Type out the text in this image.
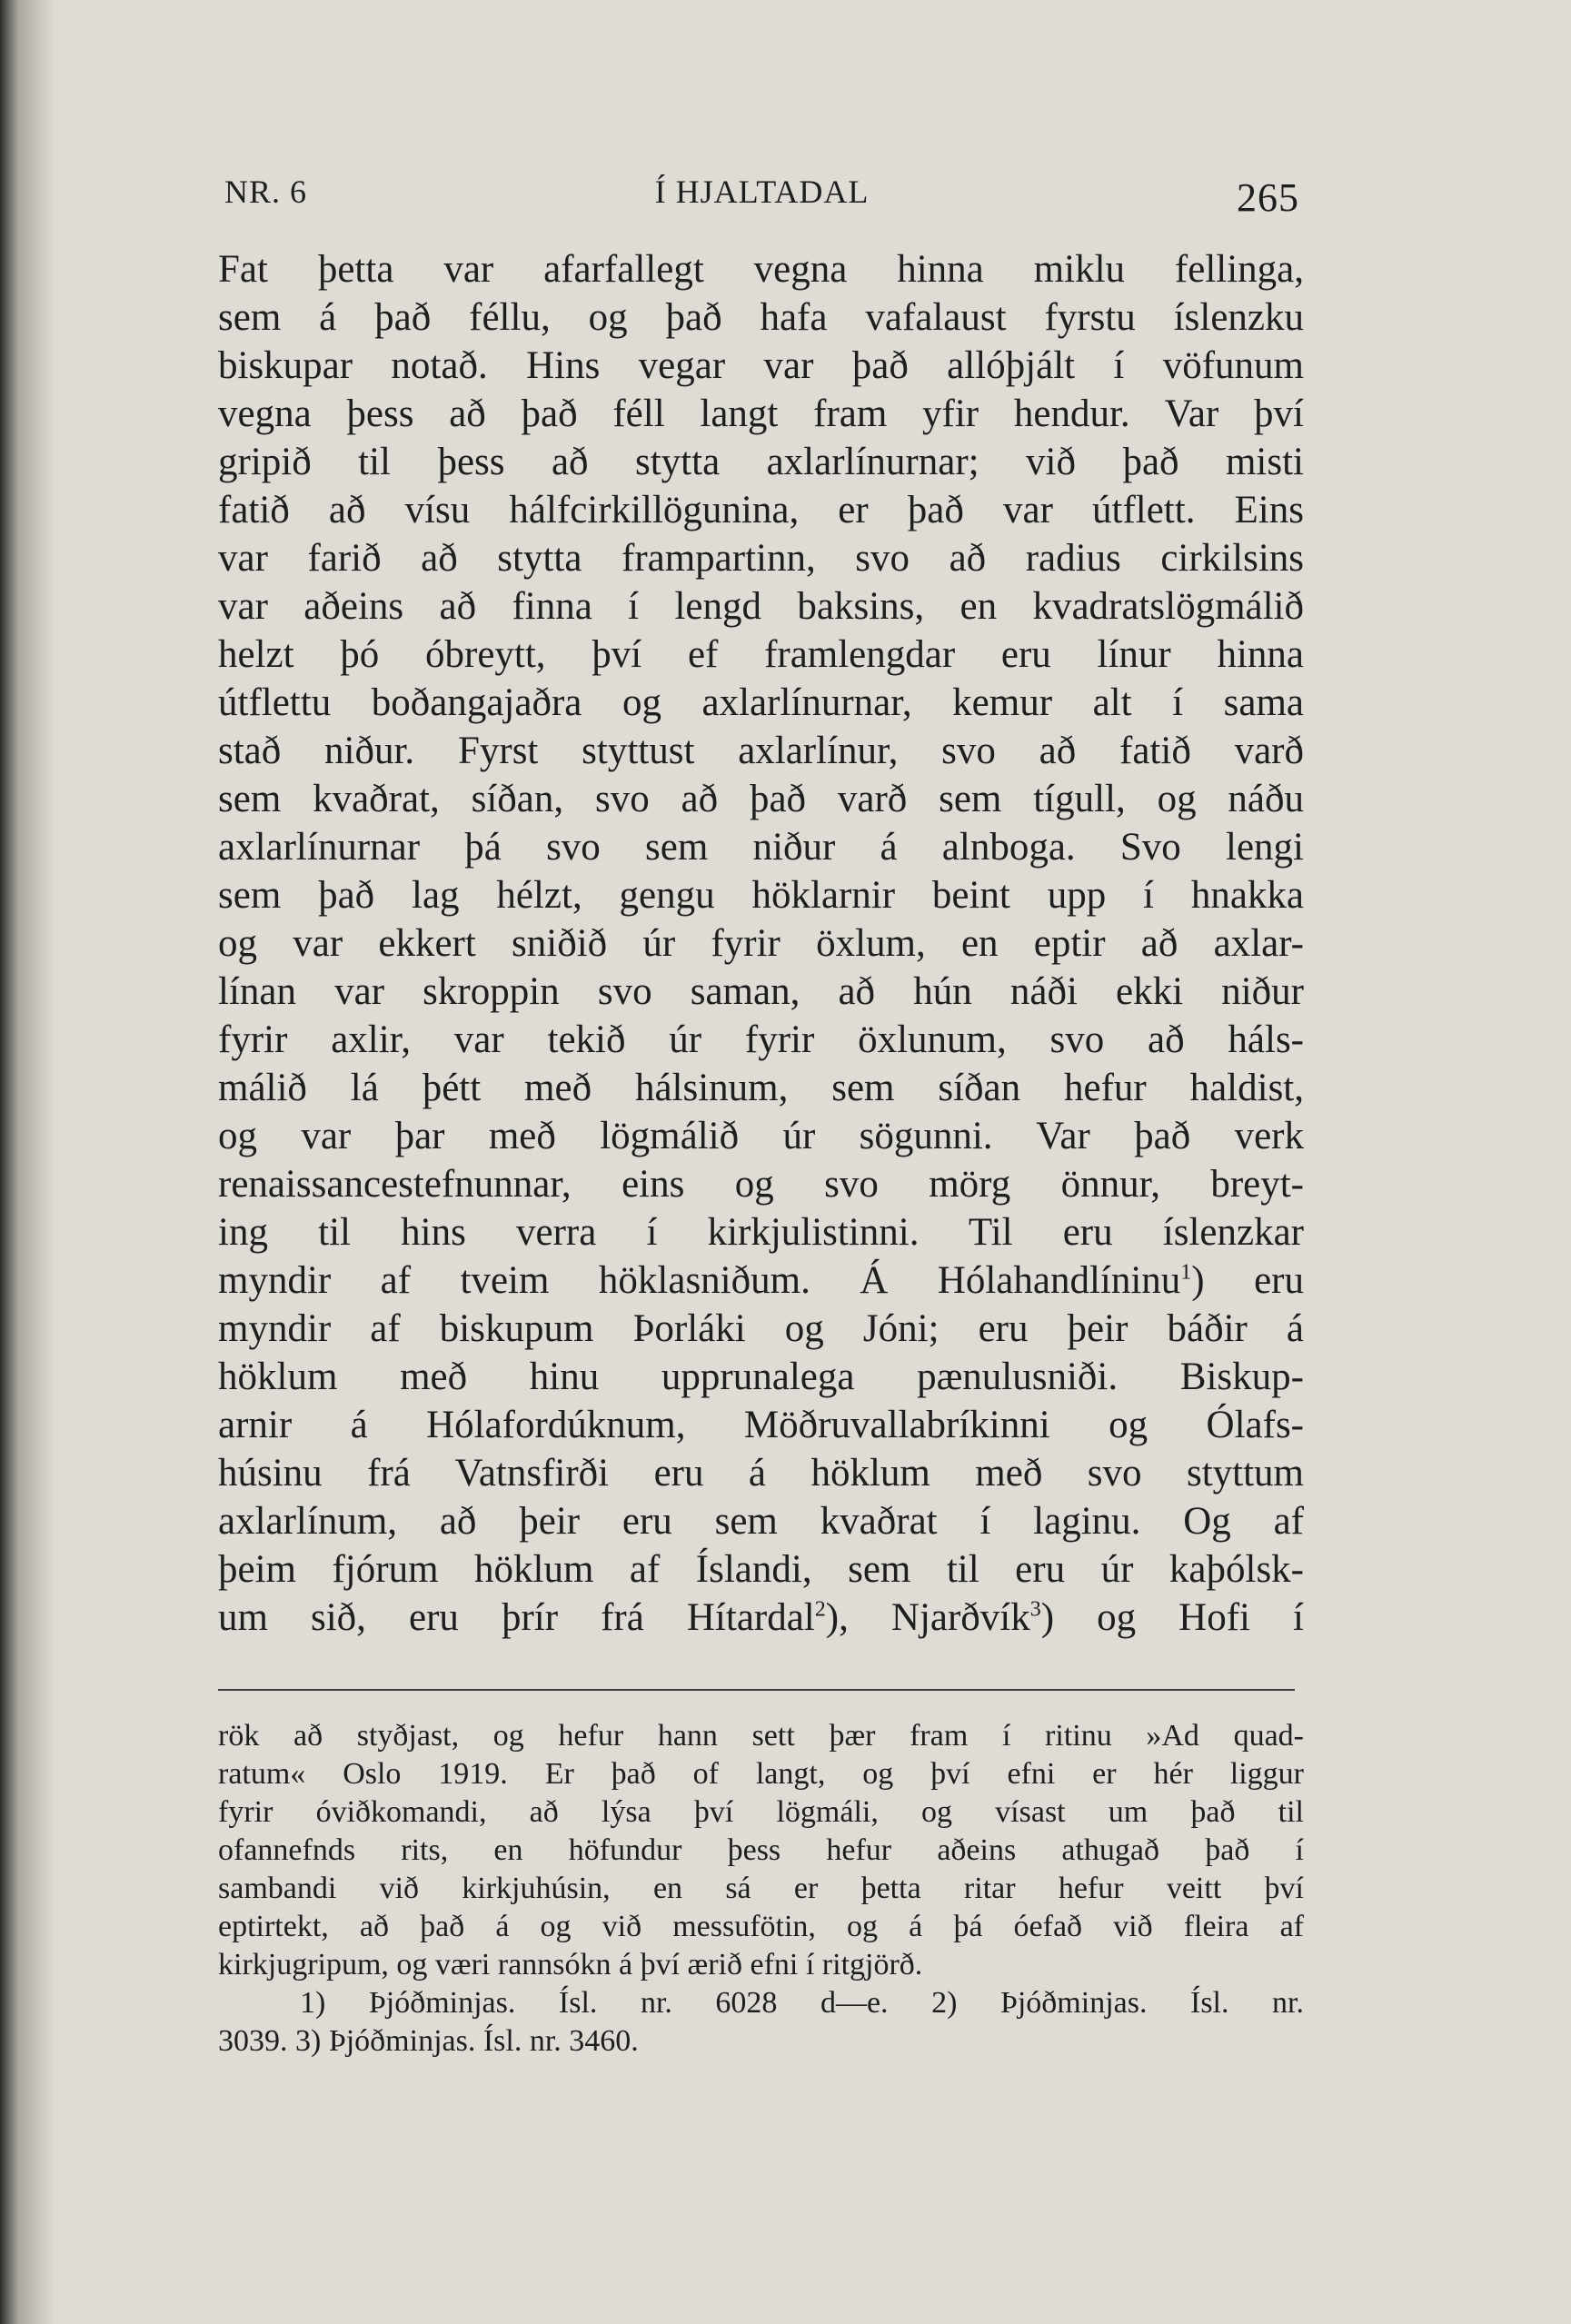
NR. 6	Í HJALTADAL	265
Fat þetta var afarfallegt vegna hinna miklu fellinga,
sem á það féllu, og það hafa vafalaust fyrstu íslenzku
biskupar notað. Hins vegar var það allóþjált í vöfunum
vegna þess að það féll langt fram yfir hendur. Var því
gripið til þess að stytta axlarlínurnar; við það misti
fatið að vísu hálfcirkillögunina, er það var útflett. Eins
var farið að stytta frampartinn, svo að radius cirkilsins
var aðeins að finna í lengd baksins, en kvadratslögmálið
helzt þó óbreytt, því ef framlengdar eru línur hinna
útflettu boðangajaðra og axlarlínurnar, kemur alt í sama
stað niður. Fyrst styttust axlarlínur, svo að fatið varð
sem kvaðrat, síðan, svo að það varð sem tígull, og náðu
axlarlínurnar þá svo sem niður á alnboga. Svo lengi
sem það lag hélzt, gengu höklarnir beint upp í hnakka
og var ekkert sniðið úr fyrir öxlum, en eptir að axlar-
línan var skroppin svo saman, að hún náði ekki niður
fyrir axlir, var tekið úr fyrir öxlunum, svo að háls-
málið lá þétt með hálsinum, sem síðan hefur haldist,
og var þar með lögmálið úr sögunni. Var það verk
renaissancestefnunnar, eins og svo mörg önnur, breyt-
ing til hins verra í kirkjulistinni. Til eru íslenzkar
myndir af tveim höklasniðum. Á Hólahandlíninu$^1$) eru
myndir af biskupum Þorláki og Jóni; eru þeir báðir á
höklum með hinu upprunalega pænulusniði. Biskup-
arnir á Hólafordúknum, Möðruvallabríkinni og Ólafs-
húsinu frá Vatnsfirði eru á höklum með svo styttum
axlarlínum, að þeir eru sem kvaðrat í laginu. Og af
þeim fjórum höklum af Íslandi, sem til eru úr kaþólsk-
um sið, eru þrír frá Hítardal$^2$), Njarðvík$^3$) og Hofi í
rök að styðjast, og hefur hann sett þær fram í ritinu »Ad quad-
ratum« Oslo 1919. Er það of langt, og því efni er hér liggur
fyrir óviðkomandi, að lýsa því lögmáli, og vísast um það til
ofannefnds rits, en höfundur þess hefur aðeins athugað það í
sambandi við kirkjuhúsin, en sá er þetta ritar hefur veitt því
eptirtekt, að það á og við messufötin, og á þá óefað við fleira af
kirkjugripum, og væri rannsókn á því ærið efni í ritgjörð.
1) Þjóðminjas. Ísl. nr. 6028 d—e. 2) Þjóðminjas. Ísl. nr.
3039. 3) Þjóðminjas. Ísl. nr. 3460.
